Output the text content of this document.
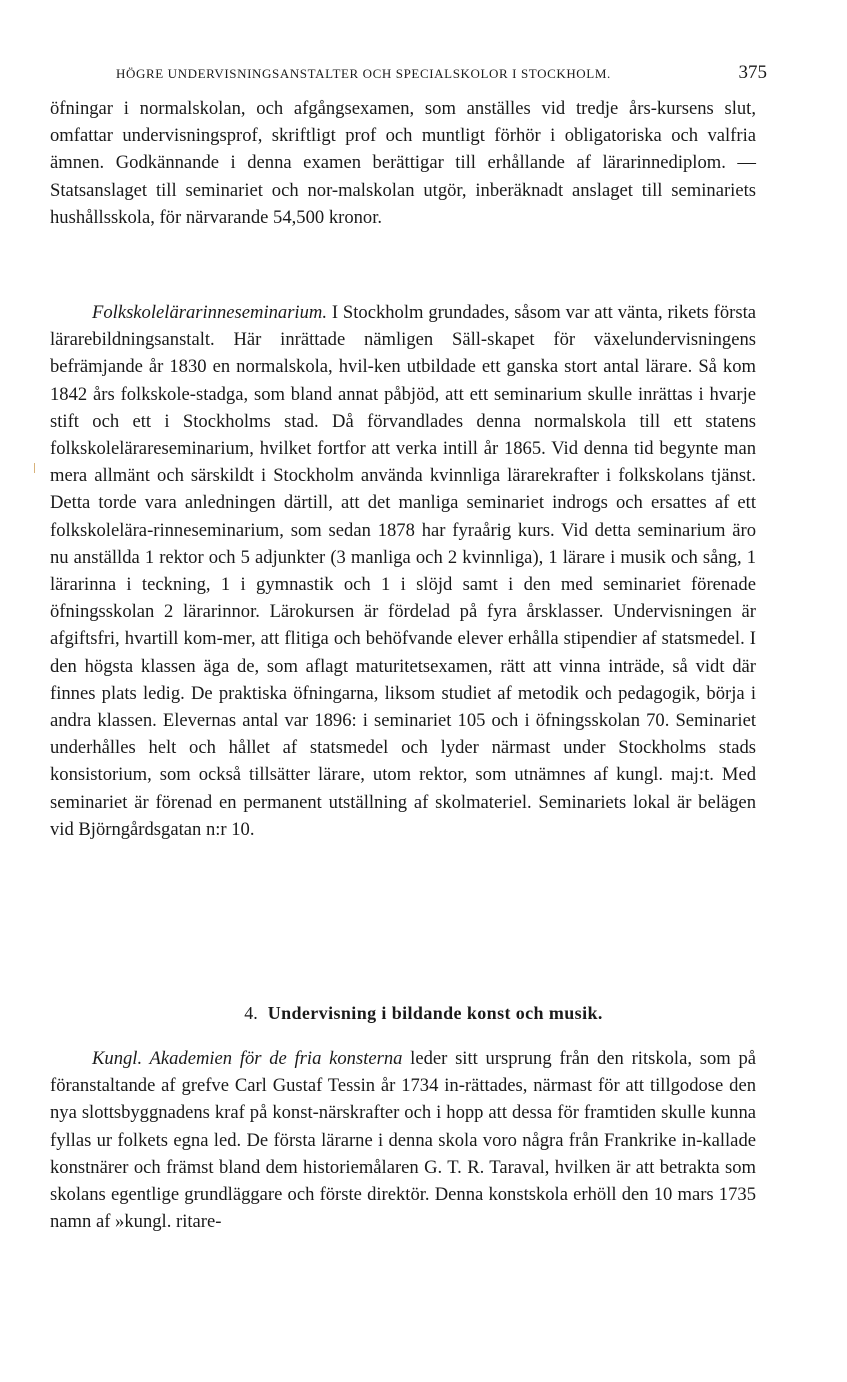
HÖGRE UNDERVISNINGSANSTALTER OCH SPECIALSKOLOR I STOCKHOLM.	375

öfningar i normalskolan, och afgångsexamen, som anställes vid tredje års-kursens slut, omfattar undervisningsprof, skriftligt prof och muntligt förhör i obligatoriska och valfria ämnen. Godkännande i denna examen berättigar till erhållande af lärarinnediplom. — Statsanslaget till seminariet och nor-malskolan utgör, inberäknadt anslaget till seminariets hushållsskola, för närvarande 54,500 kronor.

Folkskolelärarinneseminarium. I Stockholm grundades, såsom var att vänta, rikets första lärarebildningsanstalt. Här inrättade nämligen Säll-skapet för växelundervisningens befrämjande år 1830 en normalskola, hvil-ken utbildade ett ganska stort antal lärare. Så kom 1842 års folkskole-stadga, som bland annat påbjöd, att ett seminarium skulle inrättas i hvarje stift och ett i Stockholms stad. Då förvandlades denna normalskola till ett statens folkskolelärareseminarium, hvilket fortfor att verka intill år 1865. Vid denna tid begynte man mera allmänt och särskildt i Stockholm använda kvinnliga lärarekrafter i folkskolans tjänst. Detta torde vara anledningen därtill, att det manliga seminariet indrogs och ersattes af ett folkskolelära-rinneseminarium, som sedan 1878 har fyraårig kurs. Vid detta seminarium äro nu anställda 1 rektor och 5 adjunkter (3 manliga och 2 kvinnliga), 1 lärare i musik och sång, 1 lärarinna i teckning, 1 i gymnastik och 1 i slöjd samt i den med seminariet förenade öfningsskolan 2 lärarinnor. Lärokursen är fördelad på fyra årsklasser. Undervisningen är afgiftsfri, hvartill kom-mer, att flitiga och behöfvande elever erhålla stipendier af statsmedel. I den högsta klassen äga de, som aflagt maturitetsexamen, rätt att vinna inträde, så vidt där finnes plats ledig. De praktiska öfningarna, liksom studiet af metodik och pedagogik, börja i andra klassen. Elevernas antal var 1896: i seminariet 105 och i öfningsskolan 70. Seminariet underhålles helt och hållet af statsmedel och lyder närmast under Stockholms stads konsistorium, som också tillsätter lärare, utom rektor, som utnämnes af kungl. maj:t. Med seminariet är förenad en permanent utställning af skolmateriel. Seminariets lokal är belägen vid Björngårdsgatan n:r 10.

4. Undervisning i bildande konst och musik.

Kungl. Akademien för de fria konsterna leder sitt ursprung från den ritskola, som på föranstaltande af grefve Carl Gustaf Tessin år 1734 in-rättades, närmast för att tillgodose den nya slottsbyggnadens kraf på konst-närskrafter och i hopp att dessa för framtiden skulle kunna fyllas ur folkets egna led. De första lärarne i denna skola voro några från Frankrike in-kallade konstnärer och främst bland dem historiemålaren G. T. R. Taraval, hvilken är att betrakta som skolans egentlige grundläggare och förste direktör. Denna konstskola erhöll den 10 mars 1735 namn af »kungl. ritare-
